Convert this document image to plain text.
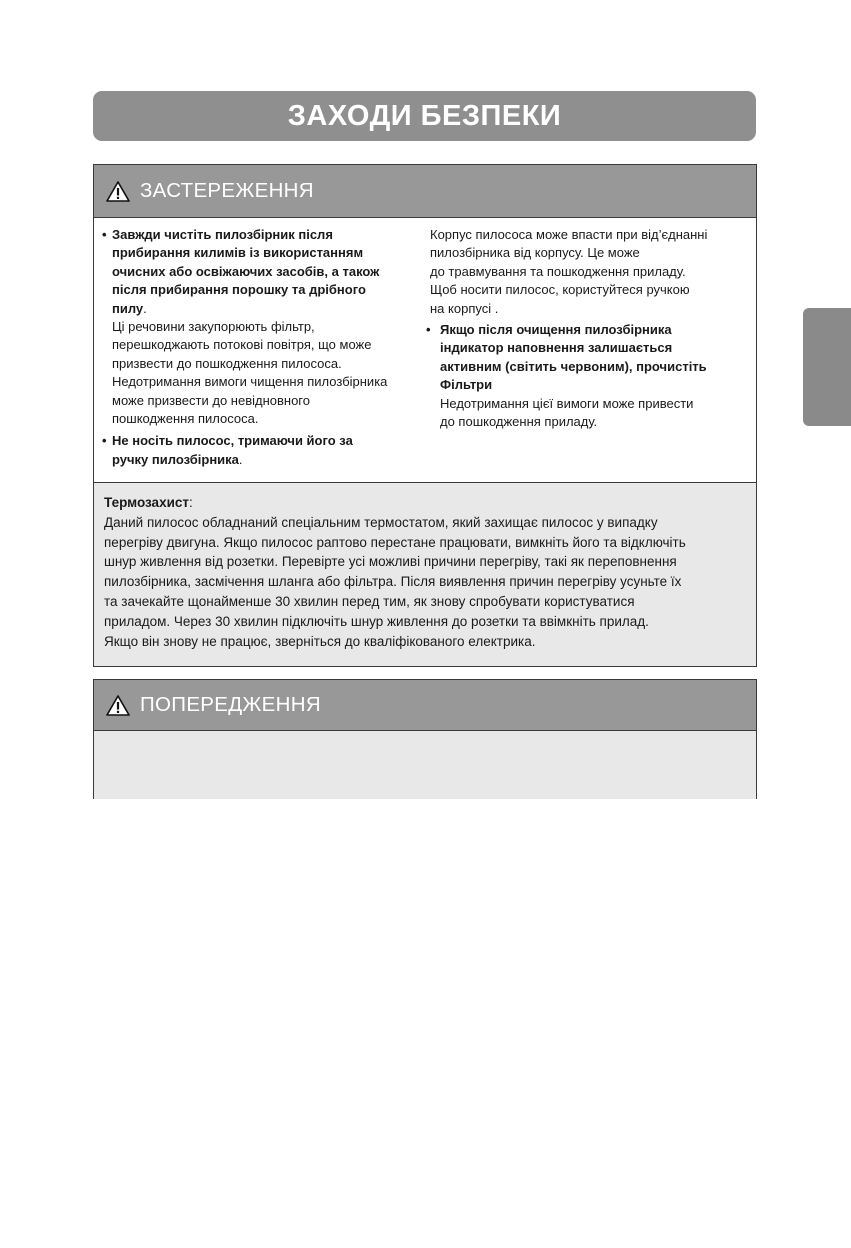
ЗАХОДИ БЕЗПЕКИ
ЗАСТЕРЕЖЕННЯ
• Завжди чистіть пилозбірник після
прибирання килимів із використанням
очисних або освіжаючих засобів, а також
після прибирання порошку та дрібного
пилу.
Ці речовини закупорюють фільтр,
перешкоджають потокові повітря, що може
призвести до пошкодження пилососа.
Недотримання вимоги чищення пилозбірника
може призвести до невідновного
пошкодження пилососа.
• Не носіть пилосос, тримаючи його за
ручку пилозбірника.
Корпус пилососа може впасти при від’єднанні
пилозбірника від корпусу. Це може
до травмування та пошкодження приладу.
Щоб носити пилосос, користуйтеся ручкою
на корпусі .
• Якщо після очищення пилозбірника
індикатор наповнення залишається
активним (світить червоним), прочистіть
Фільтри
Недотримання цієї вимоги може привести
до пошкодження приладу.
Термозахист:
Даний пилосос обладнаний спеціальним термостатом, який захищає пилосос у випадку
перегріву двигуна. Якщо пилосос раптово перестане працювати, вимкніть його та відключіть
шнур живлення від розетки. Перевірте усі можливі причини перегріву, такі як переповнення
пилозбірника, засмічення шланга або фільтра. Після виявлення причин перегріву усуньте їх
та зачекайте щонайменше 30 хвилин перед тим, як знову спробувати користуватися
приладом. Через 30 хвилин підключіть шнур живлення до розетки та ввімкніть прилад.
Якщо він знову не працює, зверніться до кваліфікованого електрика.
ПОПЕРЕДЖЕННЯ
